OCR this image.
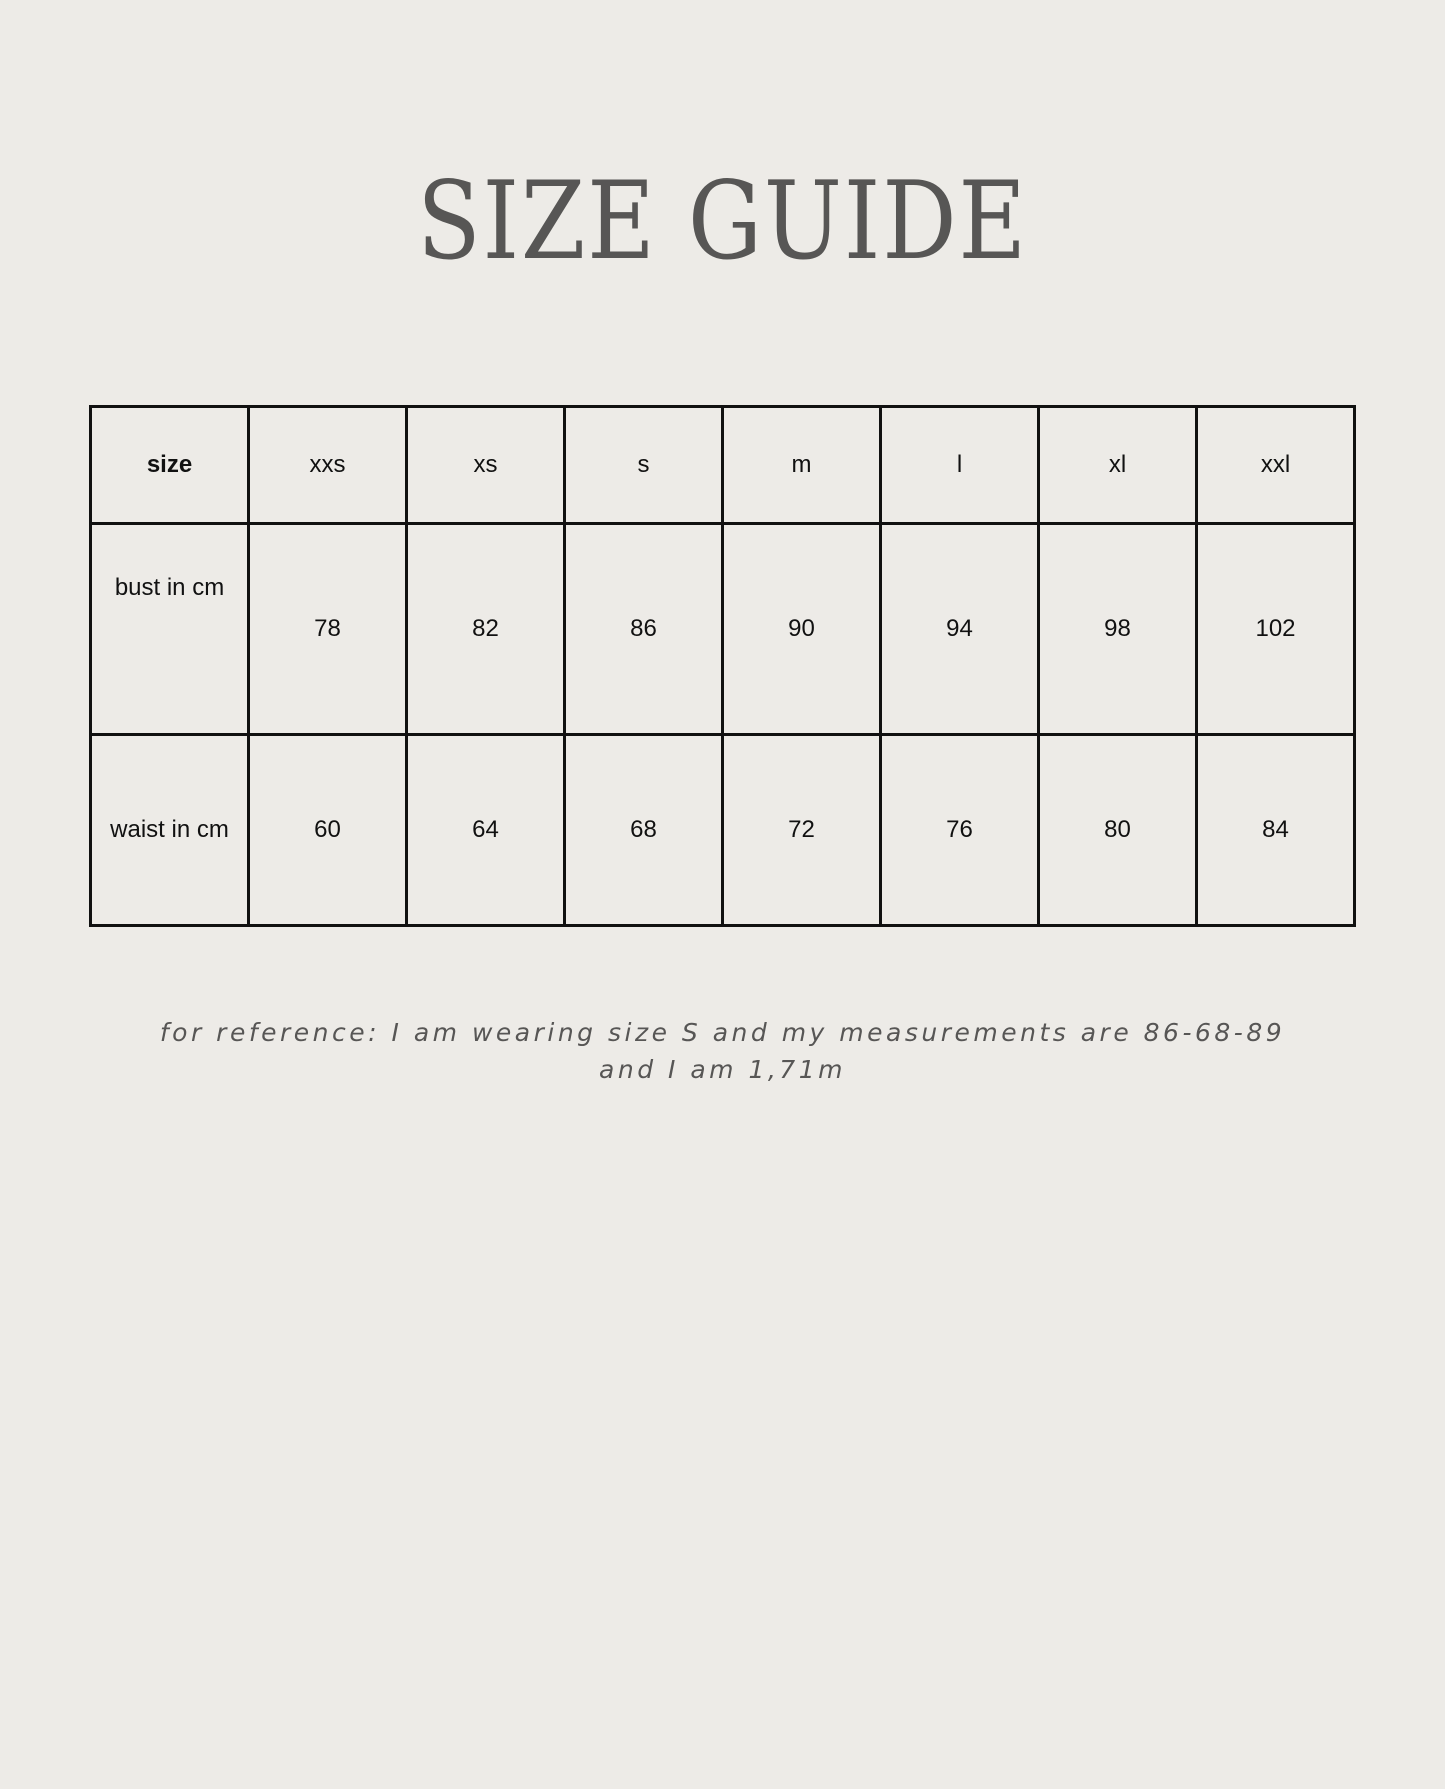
SIZE GUIDE
size	xxs	xs	s	m	l	xl	xxl
bust in cm	78	82	86	90	94	98	102
waist in cm	60	64	68	72	76	80	84

for reference: I am wearing size S and my measurements are 86-68-89 and I am 1,71m
